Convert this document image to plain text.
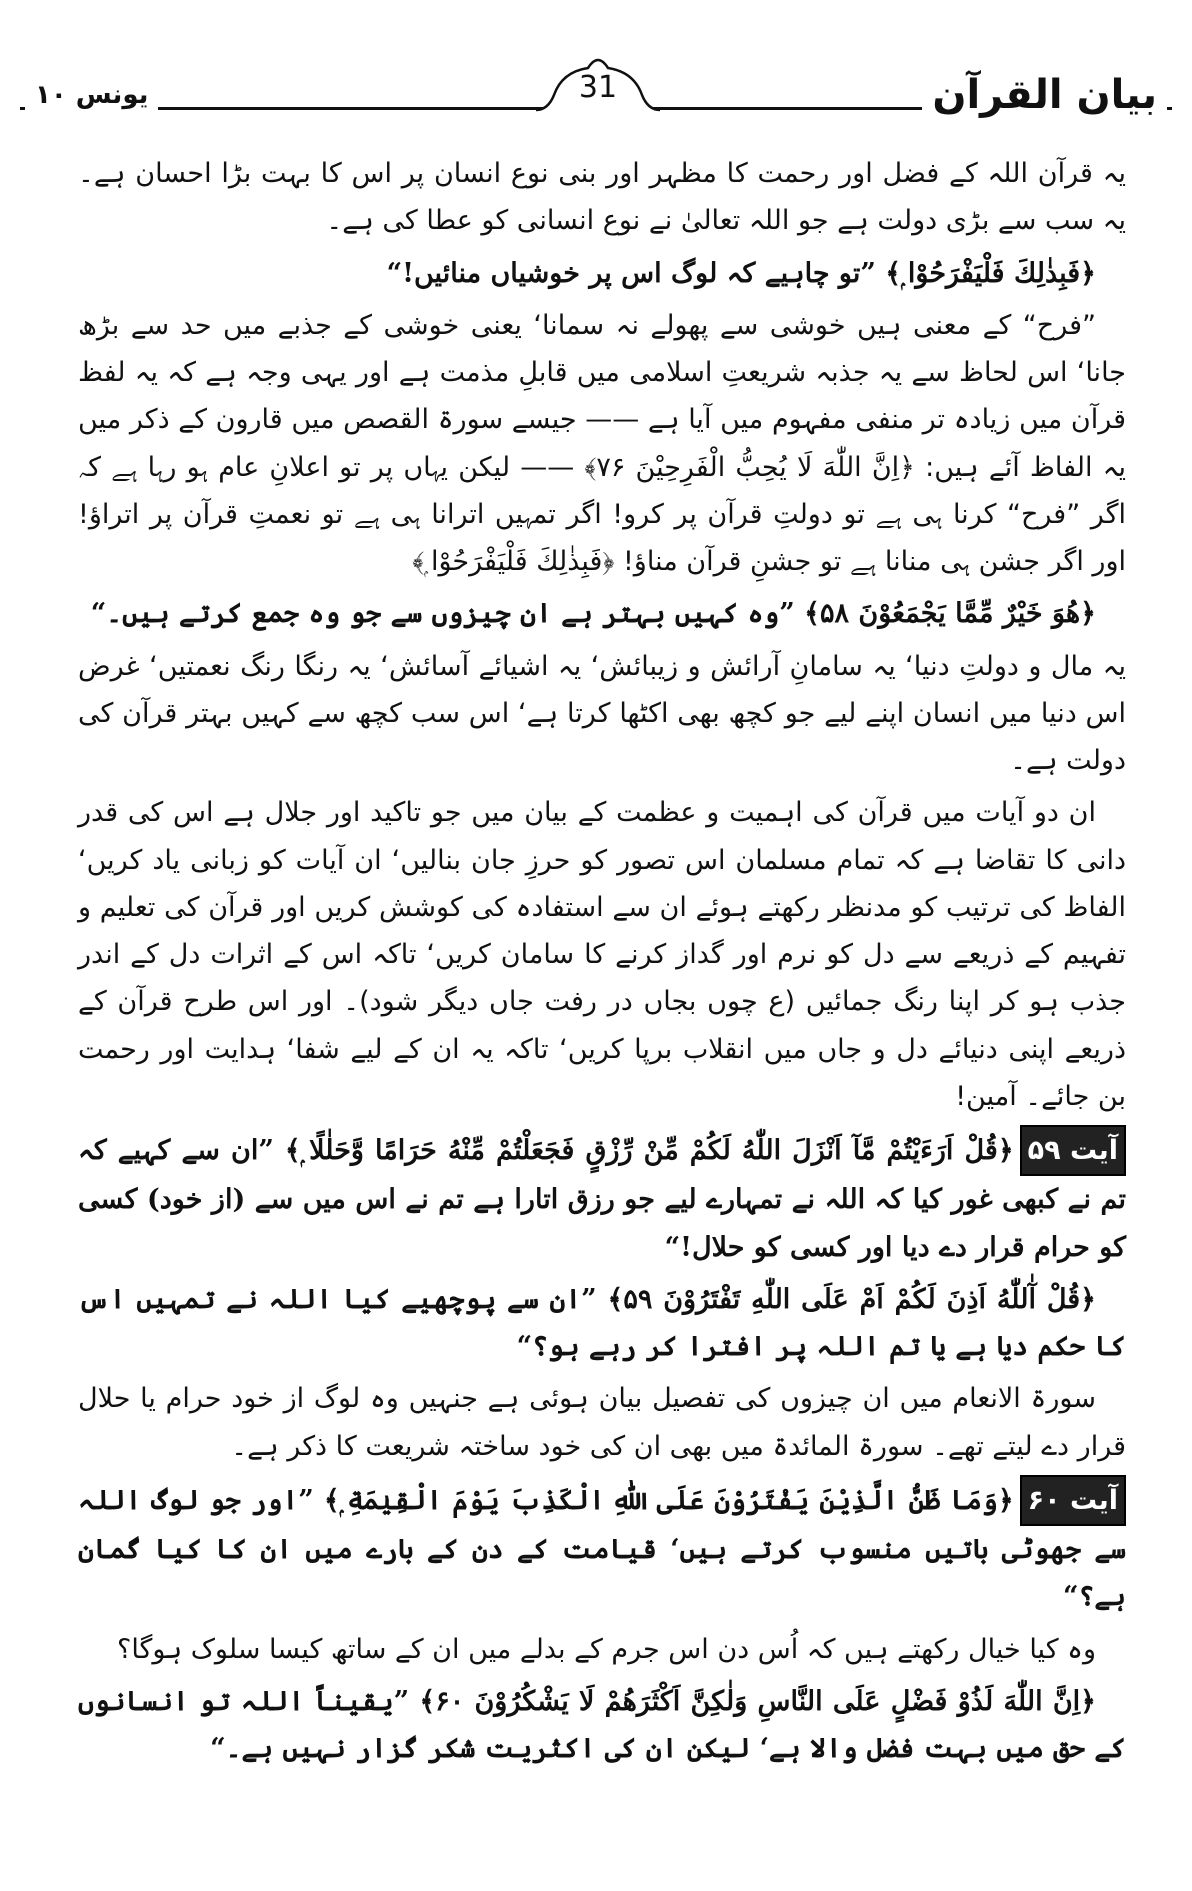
بیان القرآن
یونس ۱۰	31

یہ قرآن اللہ کے فضل اور رحمت کا مظہر اور بنی نوع انسان پر اس کا بہت بڑا احسان ہے۔ یہ سب سے بڑی دولت ہے جو اللہ تعالیٰ نے نوع انسانی کو عطا کی ہے۔

﴿فَبِذٰلِكَ فَلْيَفْرَحُوْا ۭ﴾ ”تو چاہیے کہ لوگ اس پر خوشیاں منائیں!“

”فرح“ کے معنی ہیں خوشی سے پھولے نہ سمانا‘ یعنی خوشی کے جذبے میں حد سے بڑھ جانا‘ اس لحاظ سے یہ جذبہ شریعتِ اسلامی میں قابلِ مذمت ہے اور یہی وجہ ہے کہ یہ لفظ قرآن میں زیادہ تر منفی مفہوم میں آیا ہے —— جیسے سورۃ القصص میں قارون کے ذکر میں یہ الفاظ آئے ہیں: ﴿اِنَّ اللّٰهَ لَا يُحِبُّ الْفَرِحِيْنَ ۷۶﴾ —— لیکن یہاں پر تو اعلانِ عام ہو رہا ہے کہ اگر ”فرح“ کرنا ہی ہے تو دولتِ قرآن پر کرو! اگر تمہیں اترانا ہی ہے تو نعمتِ قرآن پر اتراؤ! اور اگر جشن ہی منانا ہے تو جشنِ قرآن مناؤ! ﴿فَبِذٰلِكَ فَلْيَفْرَحُوْا ۭ﴾

﴿هُوَ خَيْرٌ مِّمَّا يَجْمَعُوْنَ ۵۸﴾ ”وہ کہیں بہتر ہے ان چیزوں سے جو وہ جمع کرتے ہیں۔“

یہ مال و دولتِ دنیا‘ یہ سامانِ آرائش و زیبائش‘ یہ اشیائے آسائش‘ یہ رنگا رنگ نعمتیں‘ غرض اس دنیا میں انسان اپنے لیے جو کچھ بھی اکٹھا کرتا ہے‘ اس سب کچھ سے کہیں بہتر قرآن کی دولت ہے۔

ان دو آیات میں قرآن کی اہمیت و عظمت کے بیان میں جو تاکید اور جلال ہے اس کی قدر دانی کا تقاضا ہے کہ تمام مسلمان اس تصور کو حرزِ جان بنالیں‘ ان آیات کو زبانی یاد کریں‘ الفاظ کی ترتیب کو مدنظر رکھتے ہوئے ان سے استفادہ کی کوشش کریں اور قرآن کی تعلیم و تفہیم کے ذریعے سے دل کو نرم اور گداز کرنے کا سامان کریں‘ تاکہ اس کے اثرات دل کے اندر جذب ہو کر اپنا رنگ جمائیں (ع چوں بجاں در رفت جاں دیگر شود)۔ اور اس طرح قرآن کے ذریعے اپنی دنیائے دل و جاں میں انقلاب برپا کریں‘ تاکہ یہ ان کے لیے شفا‘ ہدایت اور رحمت بن جائے۔ آمین!

آیت ۵۹﴿قُلْ اَرَءَيْتُمْ مَّآ اَنْزَلَ اللّٰهُ لَكُمْ مِّنْ رِّزْقٍ فَجَعَلْتُمْ مِّنْهُ حَرَامًا وَّحَلٰلًا ۭ﴾ ”ان سے کہیے کہ تم نے کبھی غور کیا کہ اللہ نے تمہارے لیے جو رزق اتارا ہے تم نے اس میں سے (از خود) کسی کو حرام قرار دے دیا اور کسی کو حلال!“

﴿قُلْ آٰللّٰهُ اَذِنَ لَكُمْ اَمْ عَلَى اللّٰهِ تَفْتَرُوْنَ ۵۹﴾ ”ان سے پوچھیے کیا اللہ نے تمہیں اس کا حکم دیا ہے یا تم اللہ پر افترا کر رہے ہو؟“

سورۃ الانعام میں ان چیزوں کی تفصیل بیان ہوئی ہے جنہیں وہ لوگ از خود حرام یا حلال قرار دے لیتے تھے۔ سورۃ المائدۃ میں بھی ان کی خود ساختہ شریعت کا ذکر ہے۔

آیت ۶۰﴿وَمَا ظَنُّ الَّذِيْنَ يَفْتَرُوْنَ عَلَى اللّٰهِ الْكَذِبَ يَوْمَ الْقِيٰمَةِ ۭ﴾ ”اور جو لوگ اللہ سے جھوٹی باتیں منسوب کرتے ہیں‘ قیامت کے دن کے بارے میں ان کا کیا گمان ہے؟“

وہ کیا خیال رکھتے ہیں کہ اُس دن اس جرم کے بدلے میں ان کے ساتھ کیسا سلوک ہوگا؟

﴿اِنَّ اللّٰهَ لَذُوْ فَضْلٍ عَلَى النَّاسِ وَلٰكِنَّ اَكْثَرَھُمْ لَا يَشْكُرُوْنَ ۶۰﴾ ”یقیناً اللہ تو انسانوں کے حق میں بہت فضل والا ہے‘ لیکن ان کی اکثریت شکر گزار نہیں ہے۔“
